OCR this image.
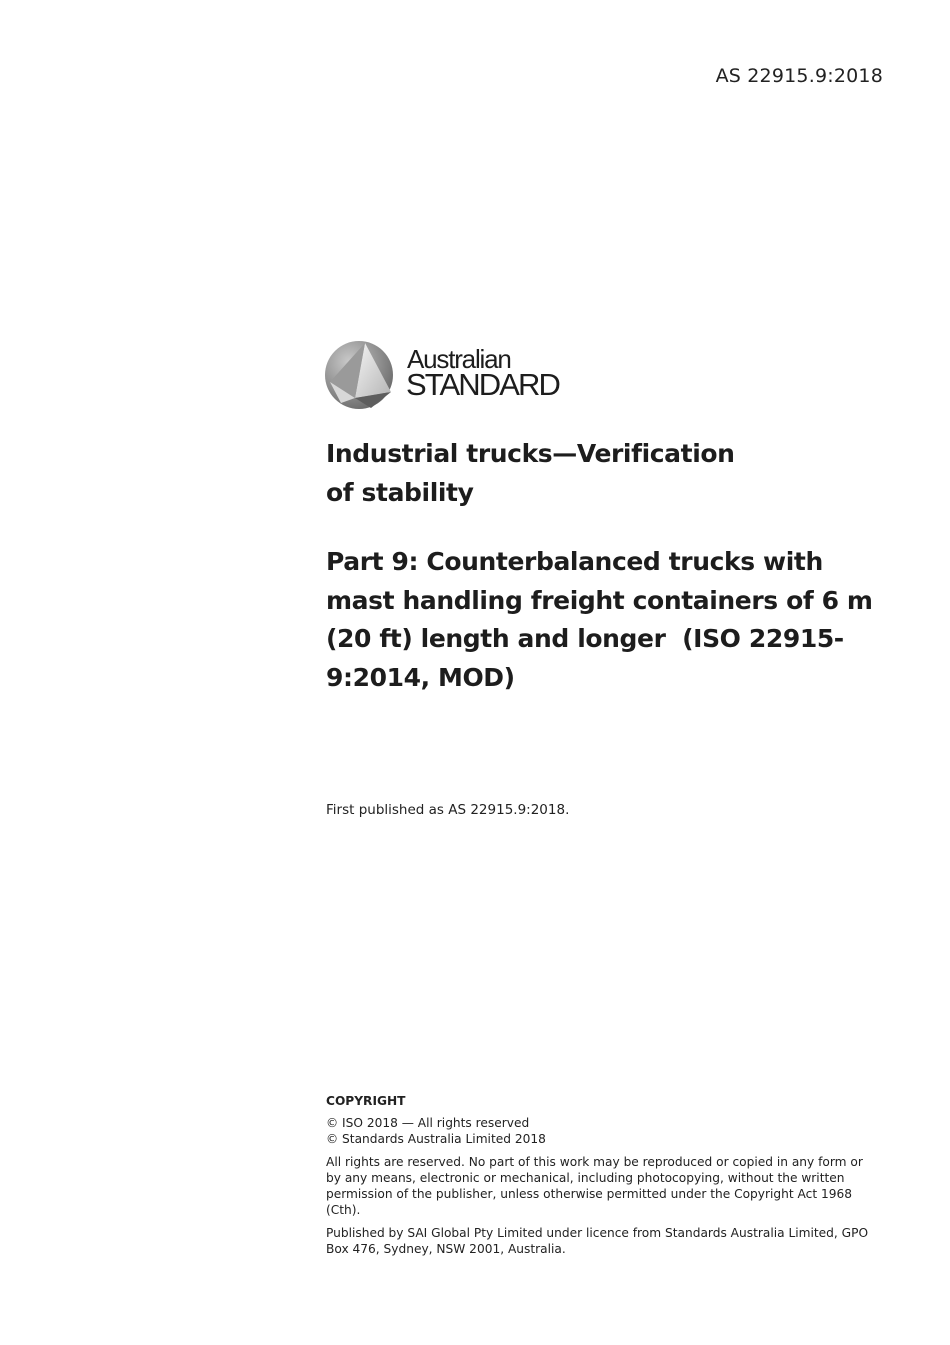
AS 22915.9:2018
Australian
STANDARD
Industrial trucks—Verification
of stability
Part 9: Counterbalanced trucks with
mast handling freight containers of 6 m
(20 ft) length and longer  (ISO 22915-
9:2014, MOD)
First published as AS 22915.9:2018.
COPYRIGHT

© ISO 2018 — All rights reserved
© Standards Australia Limited 2018

All rights are reserved. No part of this work may be reproduced or copied in any form or by any means, electronic or mechanical, including photocopying, without the written permission of the publisher, unless otherwise permitted under the Copyright Act 1968 (Cth).

Published by SAI Global Pty Limited under licence from Standards Australia Limited, GPO Box 476, Sydney, NSW 2001, Australia.
